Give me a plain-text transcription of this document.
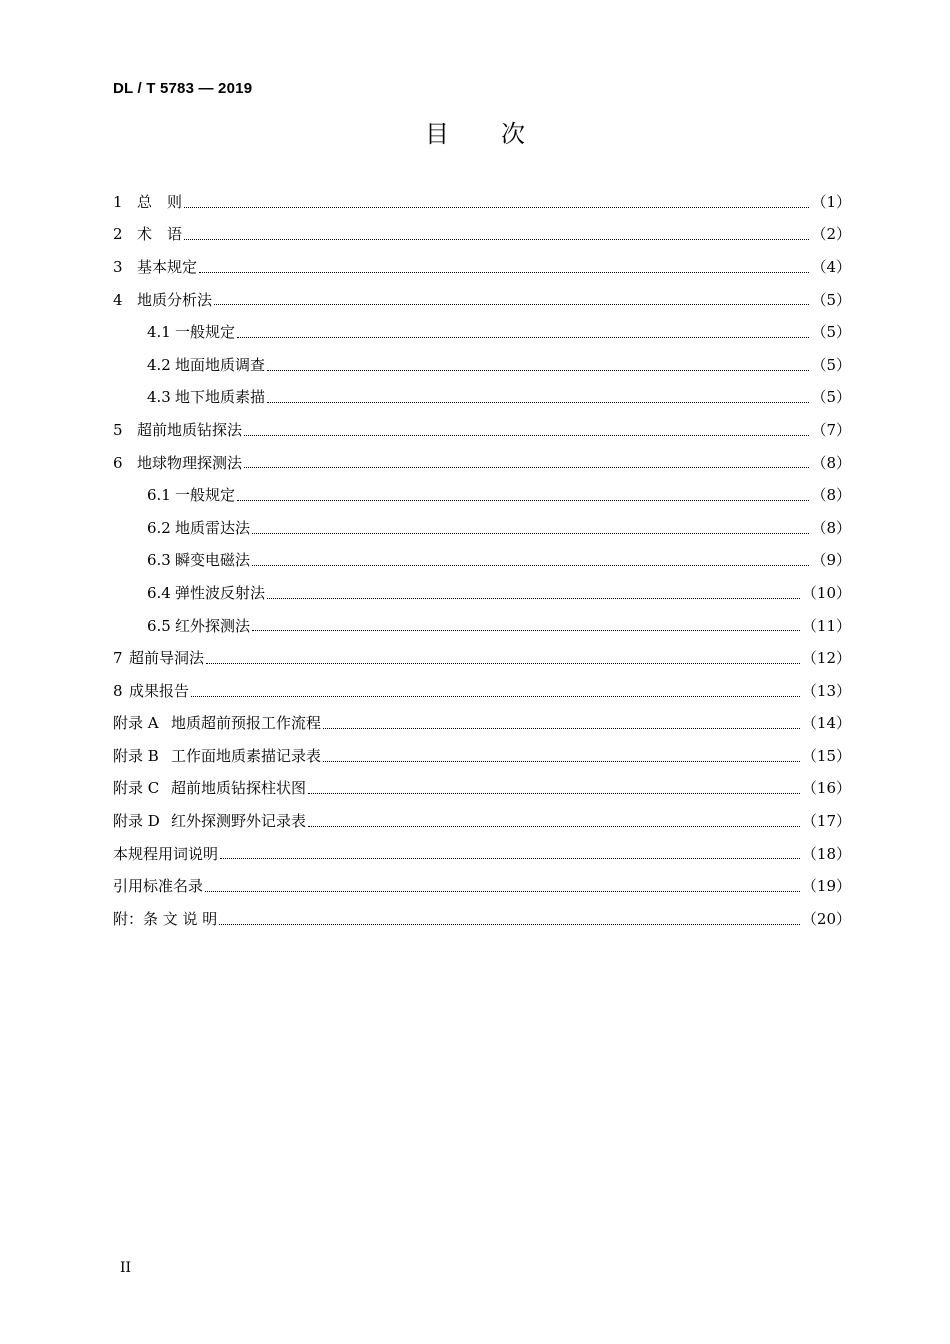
DL / T 5783 — 2019
目 次
1 总　则	（1）
2 术　语	（2）
3 基本规定	（4）
4 地质分析法	（5）
4.1 一般规定	（5）
4.2 地面地质调查	（5）
4.3 地下地质素描	（5）
5 超前地质钻探法	（7）
6 地球物理探测法	（8）
6.1 一般规定	（8）
6.2 地质雷达法	（8）
6.3 瞬变电磁法	（9）
6.4 弹性波反射法	（10）
6.5 红外探测法	（11）
7 超前导洞法	（12）
8 成果报告	（13）
附录 A 地质超前预报工作流程	（14）
附录 B 工作面地质素描记录表	（15）
附录 C 超前地质钻探柱状图	（16）
附录 D 红外探测野外记录表	（17）
本规程用词说明	（18）
引用标准名录	（19）
附：条 文 说 明	（20）
II
